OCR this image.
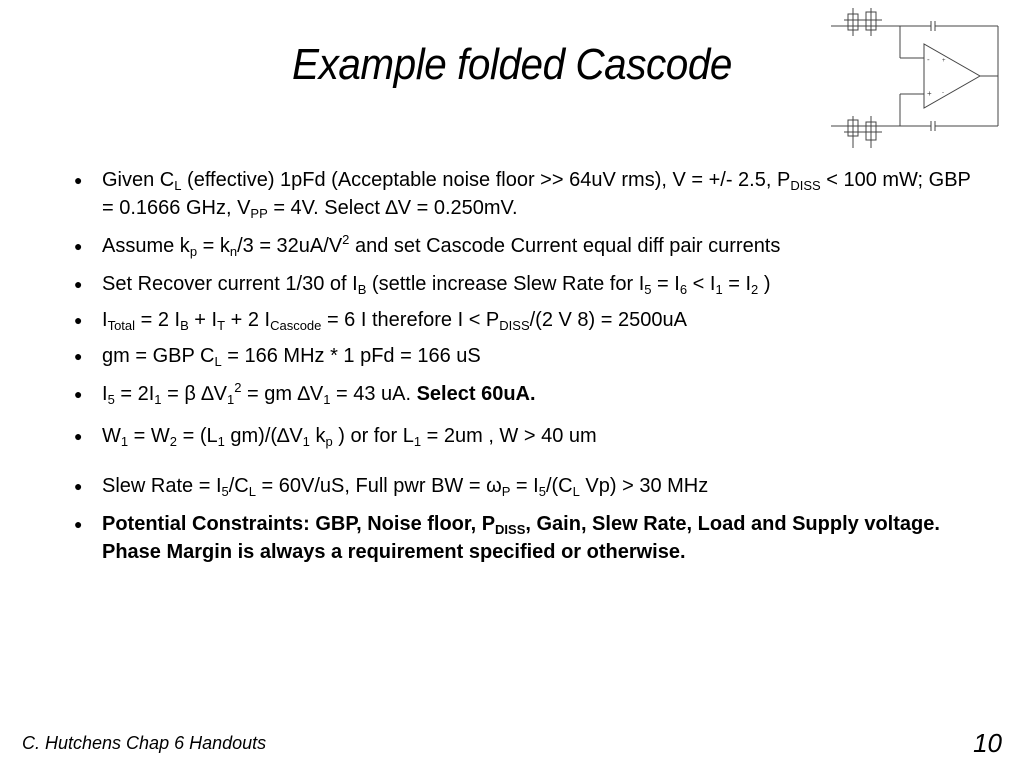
Example folded Cascode	-
+
+
-
● Given $C_L$ (effective) 1pFd (Acceptable noise floor >> 64uV rms), V = +/- 2.5, $P_{DISS} < 100$ mW; GBP = 0.1666 GHz, $V_{PP} = 4V$. Select ∆V = 0.250mV.
● Assume $k_p = k_n/3 = 32uA/V^2$ and set Cascode Current equal diff pair currents
● Set Recover current 1/30 of $I_B$ (settle increase Slew Rate for $I_5 = I_6 < I_1 = I_2$ )
● $I_{Total} = 2$ $I_B + I_T + 2$ $I_{Cascode} = 6$ I therefore $I < P_{DISS}/(2$ V 8) = 2500uA
● gm = GBP $C_L = 166$ MHz * 1 pFd = 166 uS
● $I_5 = 2I_1 = \beta$ $\Delta V_1^2$ = gm $\Delta V_1 = 43$ uA. Select 60uA.
● $W_1 = W_2 = (L_1$ $gm)/(\Delta V_1$ $k_p$ ) or for $L_1 = 2um$ , W > 40 um
● Slew Rate = $I_5/C_L = 60V/uS$, Full pwr BW = $\omega_P = I_5/(C_L$ Vp) > 30 MHz
● Potential Constraints: GBP, Noise floor, $P_{DISS}$, Gain, Slew Rate, Load and Supply voltage. Phase Margin is always a requirement specified or otherwise.
C. Hutchens Chap 6 Handouts	10
